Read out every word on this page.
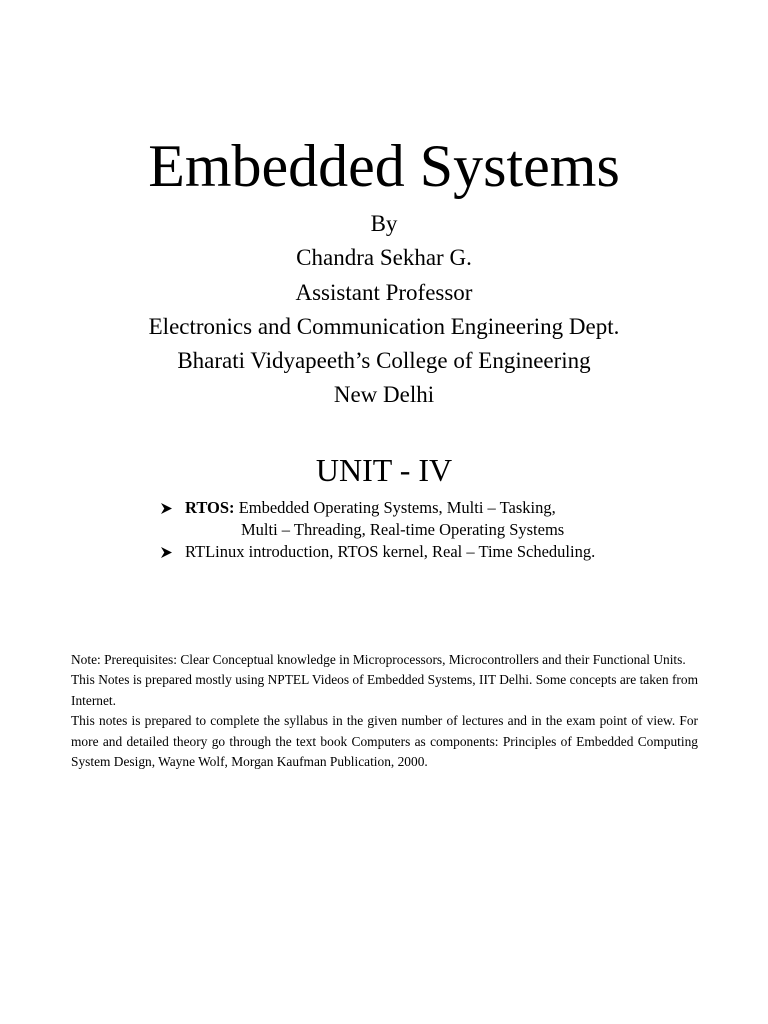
Embedded Systems
By
Chandra Sekhar G.
Assistant Professor
Electronics and Communication Engineering Dept.
Bharati Vidyapeeth’s College of Engineering
New Delhi
UNIT - IV
RTOS: Embedded Operating Systems, Multi – Tasking,
Multi – Threading, Real-time Operating Systems
RTLinux introduction, RTOS kernel, Real – Time Scheduling.

Note: Prerequisites: Clear Conceptual knowledge in Microprocessors, Microcontrollers and their Functional Units.

This Notes is prepared mostly using NPTEL Videos of Embedded Systems, IIT Delhi. Some concepts are taken from Internet.

This notes is prepared to complete the syllabus in the given number of lectures and in the exam point of view. For more and detailed theory go through the text book Computers as components: Principles of Embedded Computing System Design, Wayne Wolf, Morgan Kaufman Publication, 2000.
